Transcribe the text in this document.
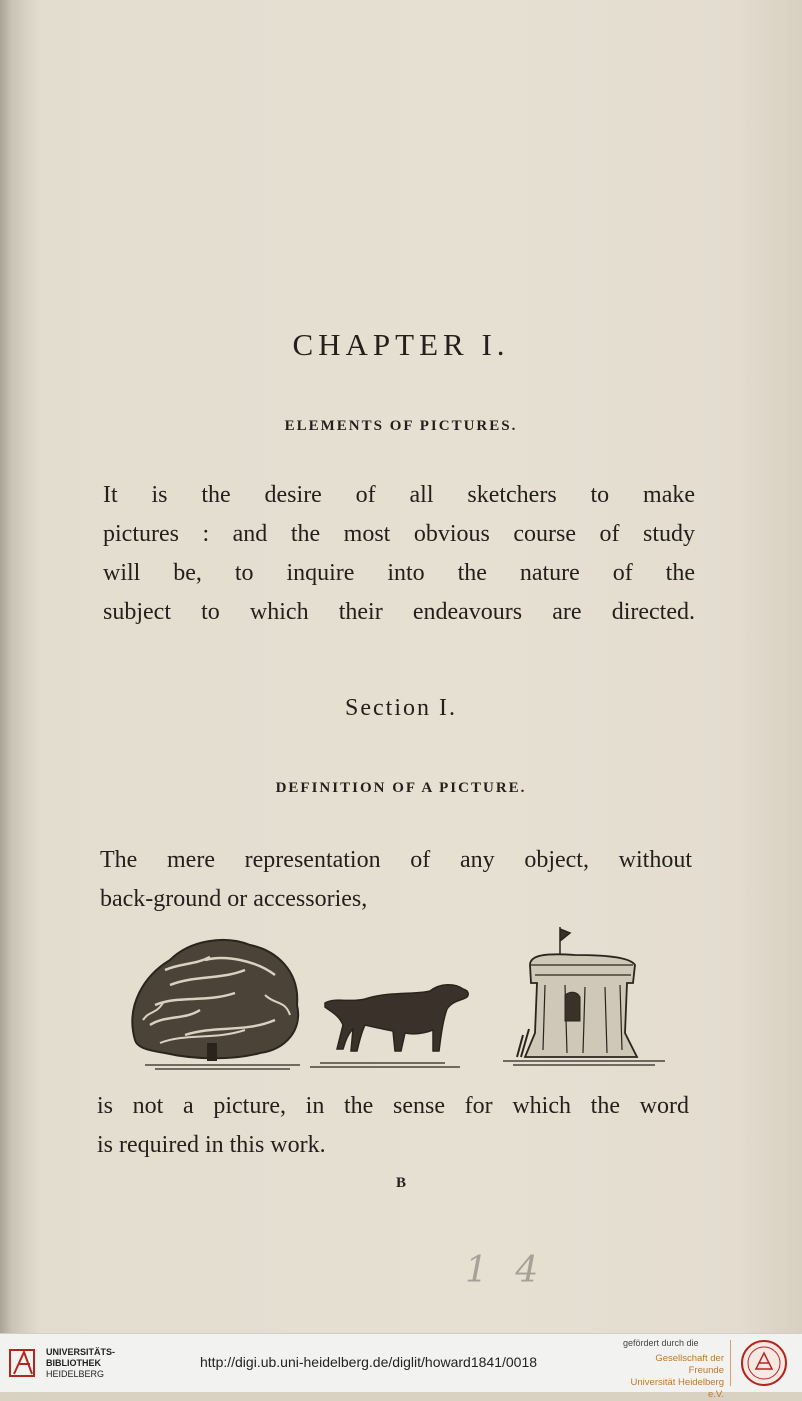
CHAPTER I.
ELEMENTS OF PICTURES.
It is the desire of all sketchers to make
pictures : and the most obvious course of study
will be, to inquire into the nature of the
subject to which their endeavours are directed.
Section I.
DEFINITION OF A PICTURE.
The mere representation of any object, without
back-ground or accessories,
is not a picture, in the sense for which the word
is required in this work.
B
1 4
UNIVERSITÄTS-
BIBLIOTHEK
HEIDELBERG
http://digi.ub.uni-heidelberg.de/diglit/howard1841/0018
gefördert durch die
Gesellschaft der Freunde
Universität Heidelberg e.V.
